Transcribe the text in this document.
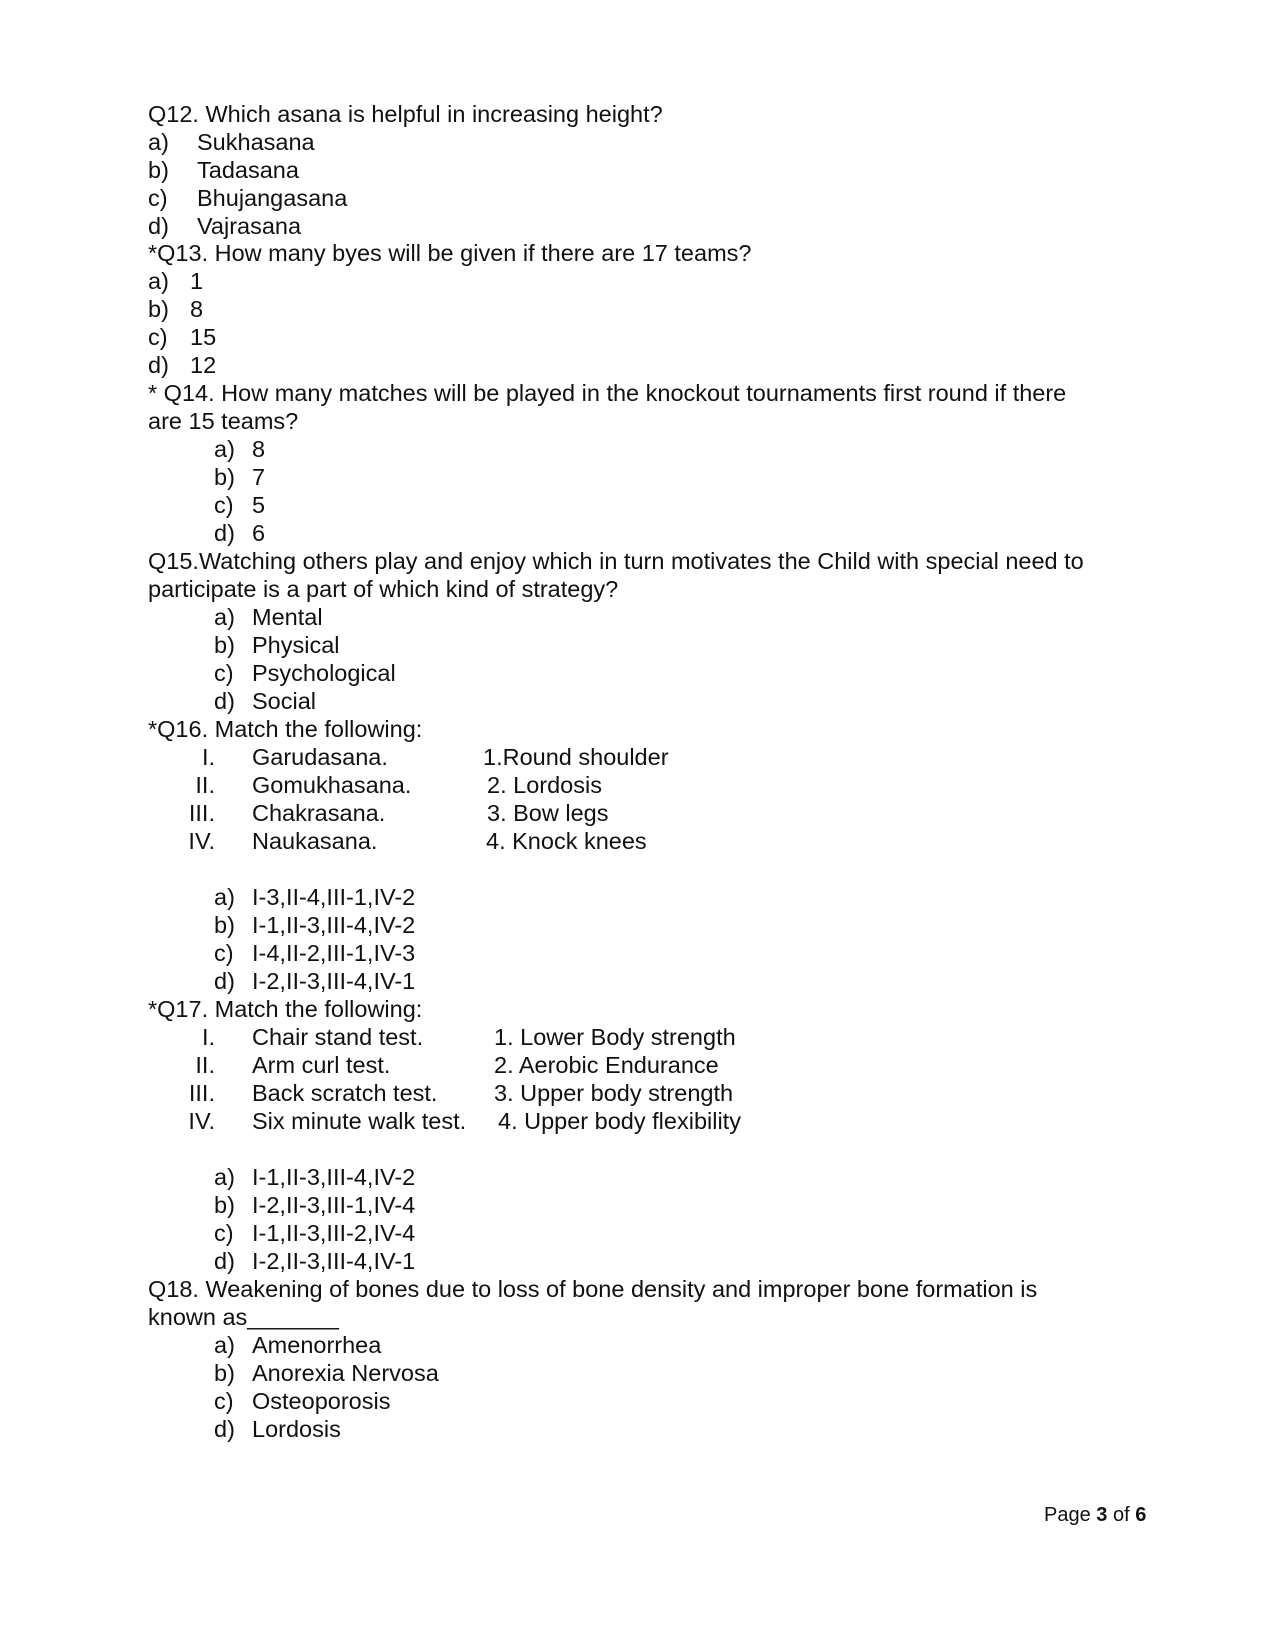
Q12. Which asana is helpful in increasing height?
a) Sukhasana
b) Tadasana
c) Bhujangasana
d) Vajrasana
*Q13. How many byes will be given if there are 17 teams?
a) 1
b) 8
c) 15
d) 12
* Q14. How many matches will be played in the knockout tournaments first round if there
are 15 teams?
a) 8
b) 7
c) 5
d) 6
Q15.Watching others play and enjoy which in turn motivates the Child with special need to
participate is a part of which kind of strategy?
a) Mental
b) Physical
c) Psychological
d) Social
*Q16. Match the following:
I. Garudasana.	1.Round shoulder
II. Gomukhasana.	2. Lordosis
III. Chakrasana.	3. Bow legs
IV. Naukasana.	4. Knock knees
a) I-3,II-4,III-1,IV-2
b) I-1,II-3,III-4,IV-2
c) I-4,II-2,III-1,IV-3
d) I-2,II-3,III-4,IV-1
*Q17. Match the following:
I. Chair stand test.	1. Lower Body strength
II. Arm curl test.	2. Aerobic Endurance
III. Back scratch test. 3. Upper body strength
IV. Six minute walk test. 4. Upper body flexibility
a) I-1,II-3,III-4,IV-2
b) I-2,II-3,III-1,IV-4
c) I-1,II-3,III-2,IV-4
d) I-2,II-3,III-4,IV-1
Q18. Weakening of bones due to loss of bone density and improper bone formation is
known as_______
a) Amenorrhea
b) Anorexia Nervosa
c) Osteoporosis
d) Lordosis
Page 3 of 6
